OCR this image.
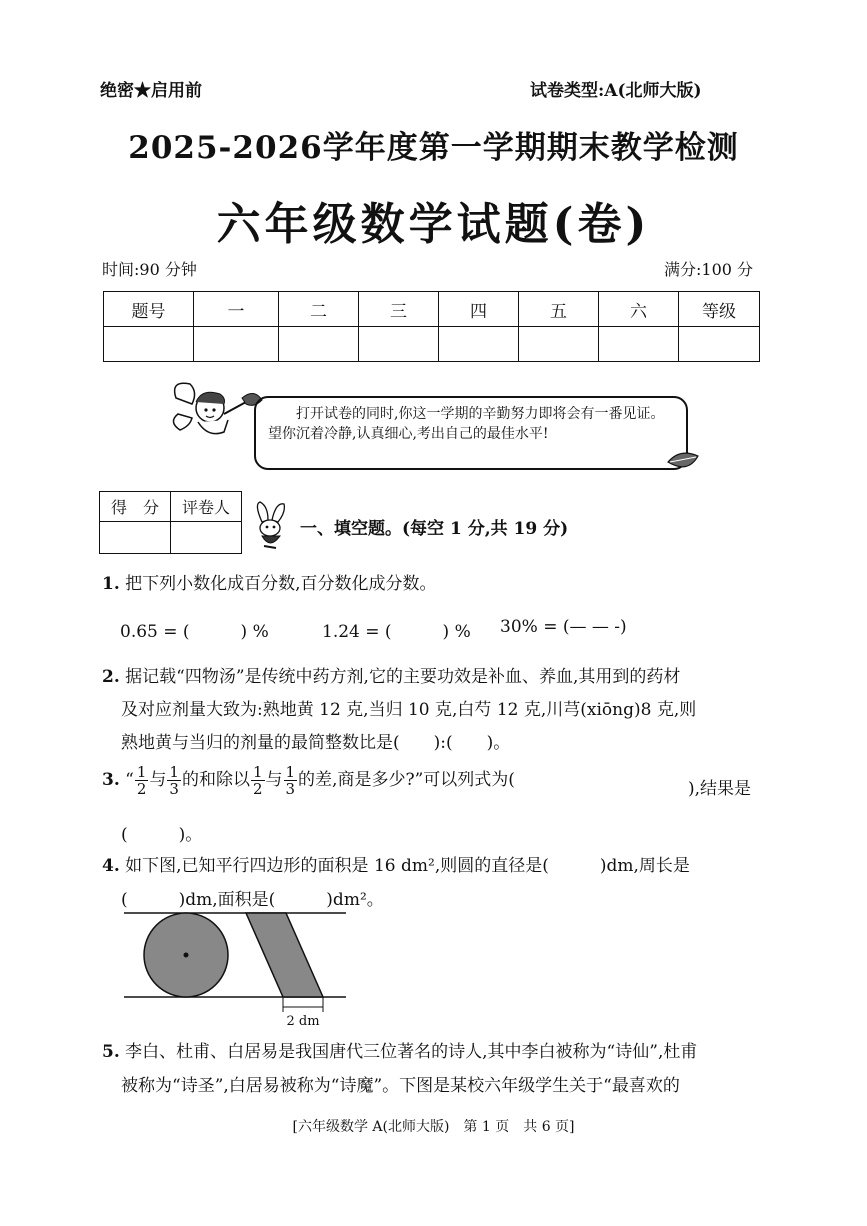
绝密★启用前	试卷类型:A(北师大版)
2025-2026学年度第一学期期末教学检测
六年级数学试题(卷)
时间:90 分钟	满分:100 分
题号	一	二	三	四	五	六	等级

打开试卷的同时,你这一学期的辛勤努力即将会有一番见证。望你沉着冷静,认真细心,考出自己的最佳水平!
得　分	评卷人

一、填空题。(每空 1 分,共 19 分)
1. 把下列小数化成百分数,百分数化成分数。
0.65 = (　　　) %	1.24 = (　　　) % 30% = (— — -)
2. 据记载“四物汤”是传统中药方剂,它的主要功效是补血、养血,其用到的药材
及对应剂量大致为:熟地黄 12 克,当归 10 克,白芍 12 克,川芎(xiōng)8 克,则
熟地黄与当归的剂量的最简整数比是(　　):(　　)。
3. “ $\frac{1}{2}$ 与 $\frac{1}{3}$ 的和除以 $\frac{1}{2}$ 与 $\frac{1}{3}$ 的差,商是多少?”可以列式为(	),结果是
(　　　)。
4. 如下图,已知平行四边形的面积是 16 dm²,则圆的直径是(　　　)dm,周长是
(　　　)dm,面积是(　　　)dm²。
2 dm
5. 李白、杜甫、白居易是我国唐代三位著名的诗人,其中李白被称为“诗仙”,杜甫
被称为“诗圣”,白居易被称为“诗魔”。下图是某校六年级学生关于“最喜欢的
[六年级数学 A(北师大版)　第 1 页　共 6 页]
